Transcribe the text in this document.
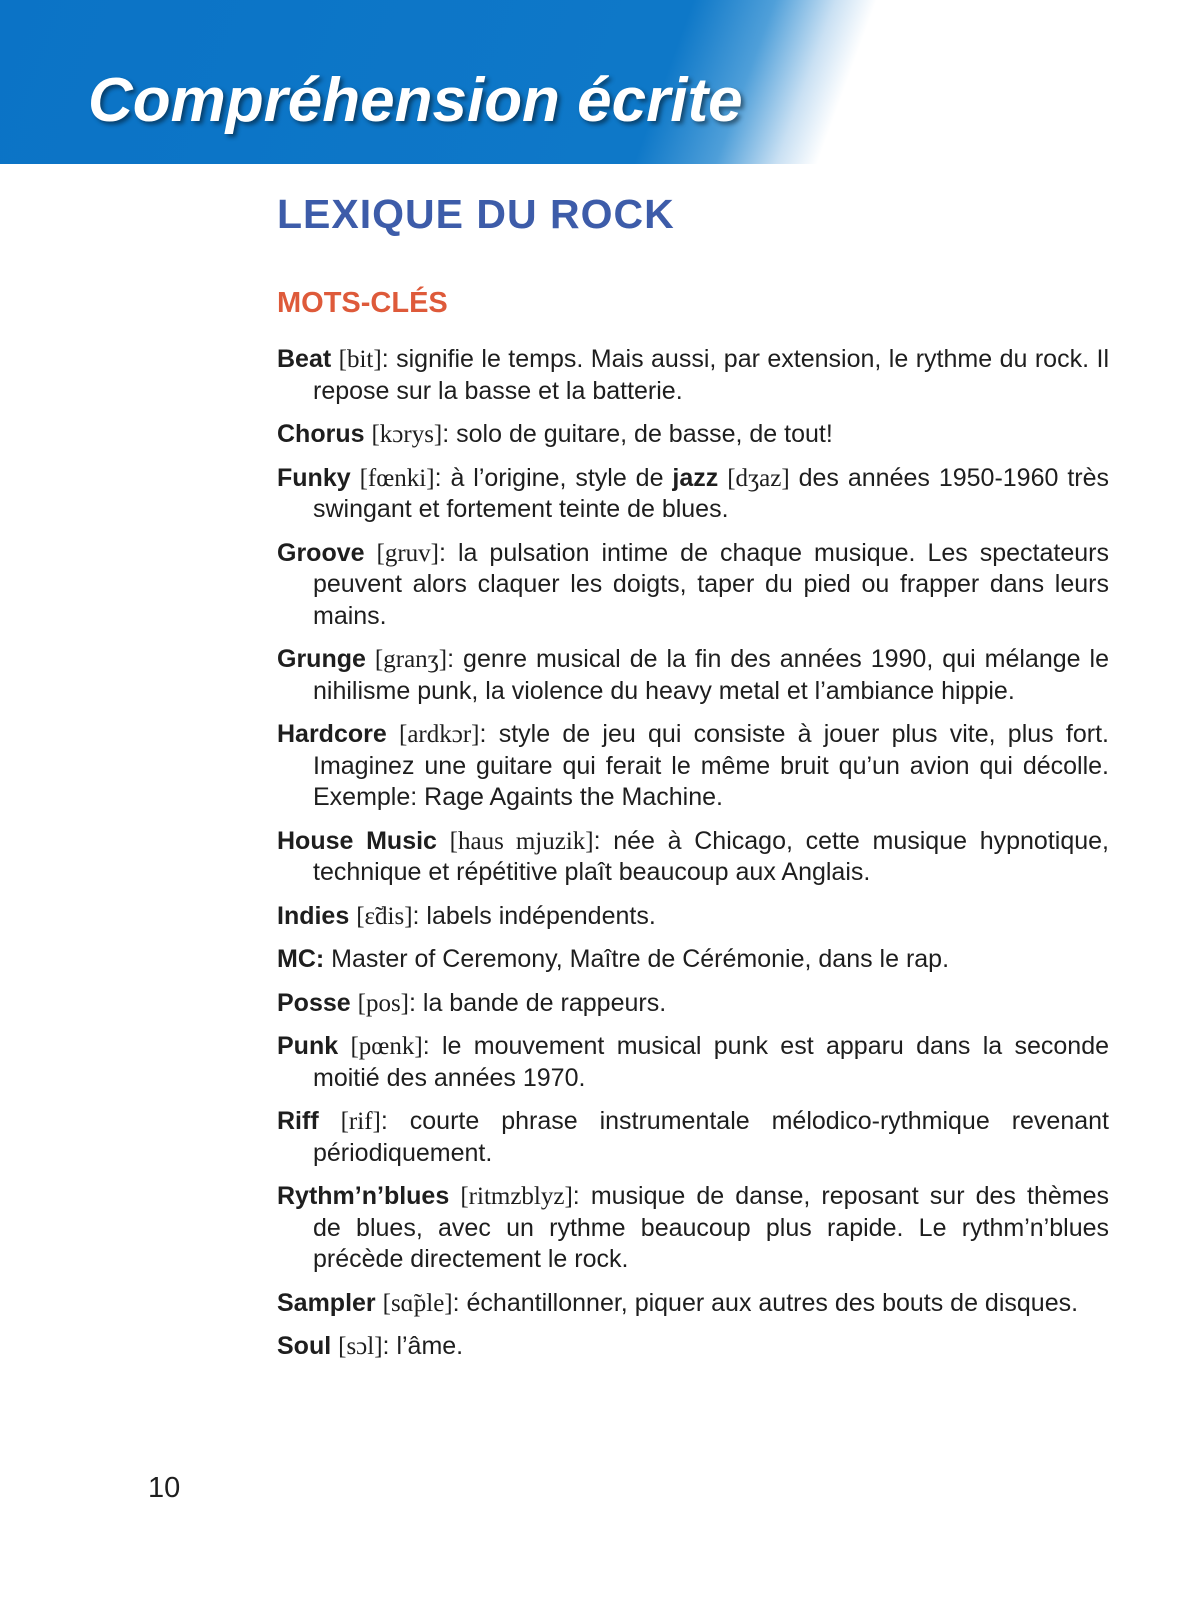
Compréhension écrite
LEXIQUE DU ROCK
MOTS-CLÉS
Beat [bit]: signifie le temps. Mais aussi, par extension, le rythme du rock. Il repose sur la basse et la batterie.
Chorus [kɔrys]: solo de guitare, de basse, de tout!
Funky [fœnki]: à l’origine, style de jazz [dʒaz] des années 1950-1960 très swingant et fortement teinte de blues.
Groove [gruv]: la pulsation intime de chaque musique. Les spectateurs peuvent alors claquer les doigts, taper du pied ou frapper dans leurs mains.
Grunge [granʒ]: genre musical de la fin des années 1990, qui mélange le nihilisme punk, la violence du heavy metal et l’ambiance hippie.
Hardcore [ardkɔr]: style de jeu qui consiste à jouer plus vite, plus fort. Imaginez une guitare qui ferait le même bruit qu’un avion qui décolle. Exemple: Rage Againts the Machine.
House Music [haus mjuzik]: née à Chicago, cette musique hypnotique, technique et répétitive plaît beaucoup aux Anglais.
Indies [ɛ̃dis]: labels indépendents.
MC: Master of Ceremony, Maître de Cérémonie, dans le rap.
Posse [pos]: la bande de rappeurs.
Punk [pœnk]: le mouvement musical punk est apparu dans la seconde moitié des années 1970.
Riff [rif]: courte phrase instrumentale mélodico-rythmique revenant périodiquement.
Rythm’n’blues [ritmzblyz]: musique de danse, reposant sur des thèmes de blues, avec un rythme beaucoup plus rapide. Le rythm’n’blues précède directement le rock.
Sampler [sɑ̃ple]: échantillonner, piquer aux autres des bouts de disques.
Soul [sɔl]: l’âme.
10
